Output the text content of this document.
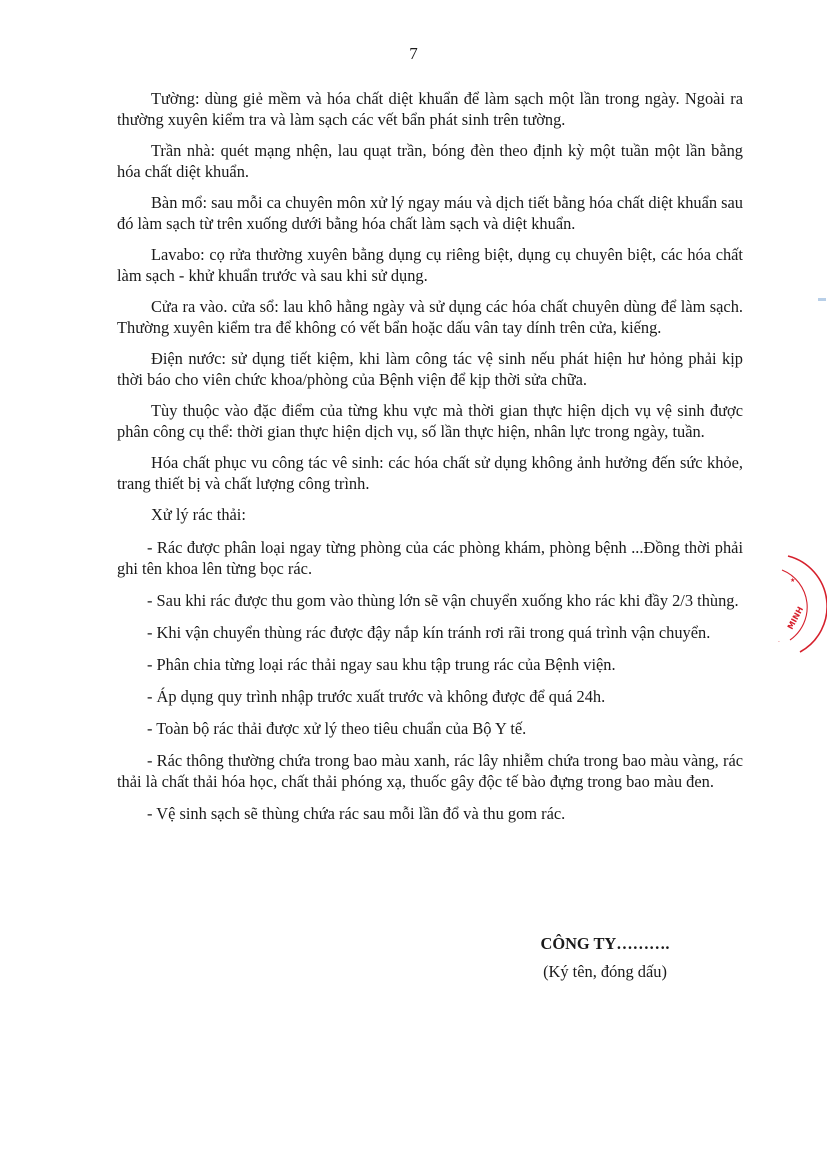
7

Tường: dùng giẻ mềm và hóa chất diệt khuẩn để làm sạch một lần trong ngày. Ngoài ra thường xuyên kiểm tra và làm sạch các vết bẩn phát sinh trên tường.

Trần nhà: quét mạng nhện, lau quạt trần, bóng đèn theo định kỳ một tuần một lần bằng hóa chất diệt khuẩn.

Bàn mổ: sau mỗi ca chuyên môn xử lý ngay máu và dịch tiết bằng hóa chất diệt khuẩn sau đó làm sạch từ trên xuống dưới bằng hóa chất làm sạch và diệt khuẩn.

Lavabo: cọ rửa thường xuyên bằng dụng cụ riêng biệt, dụng cụ chuyên biệt, các hóa chất làm sạch - khử khuẩn trước và sau khi sử dụng.

Cửa ra vào. cửa sổ: lau khô hằng ngày và sử dụng các hóa chất chuyên dùng để làm sạch. Thường xuyên kiểm tra để không có vết bẩn hoặc dấu vân tay dính trên cửa, kiếng.

Điện nước: sử dụng tiết kiệm, khi làm công tác vệ sinh nếu phát hiện hư hỏng phải kịp thời báo cho viên chức khoa/phòng của Bệnh viện để kịp thời sửa chữa.

Tùy thuộc vào đặc điểm của từng khu vực mà thời gian thực hiện dịch vụ vệ sinh được phân công cụ thể: thời gian thực hiện dịch vụ, số lần thực hiện, nhân lực trong ngày, tuần.

Hóa chất phục vu công tác vê sinh: các hóa chất sử dụng không ảnh hưởng đến sức khỏe, trang thiết bị và chất lượng công trình.

Xử lý rác thải:

- Rác được phân loại ngay từng phòng của các phòng khám, phòng bệnh ...Đồng thời phải ghi tên khoa lên từng bọc rác.

- Sau khi rác được thu gom vào thùng lớn sẽ vận chuyển xuống kho rác khi đầy 2/3 thùng.

- Khi vận chuyển thùng rác được đậy nắp kín tránh rơi rãi trong quá trình vận chuyển.

- Phân chia từng loại rác thải ngay sau khu tập trung rác của Bệnh viện.

- Áp dụng quy trình nhập trước xuất trước và không được để quá 24h.

- Toàn bộ rác thải được xử lý theo tiêu chuẩn của Bộ Y tế.

- Rác thông thường chứa trong bao màu xanh, rác lây nhiễm chứa trong bao màu vàng, rác thải là chất thải hóa học, chất thải phóng xạ, thuốc gây độc tế bào đựng trong bao màu đen.

- Vệ sinh sạch sẽ thùng chứa rác sau mỗi lần đổ và thu gom rác.

CÔNG TY……….
(Ký tên, đóng dấu)
★
MINH
·
